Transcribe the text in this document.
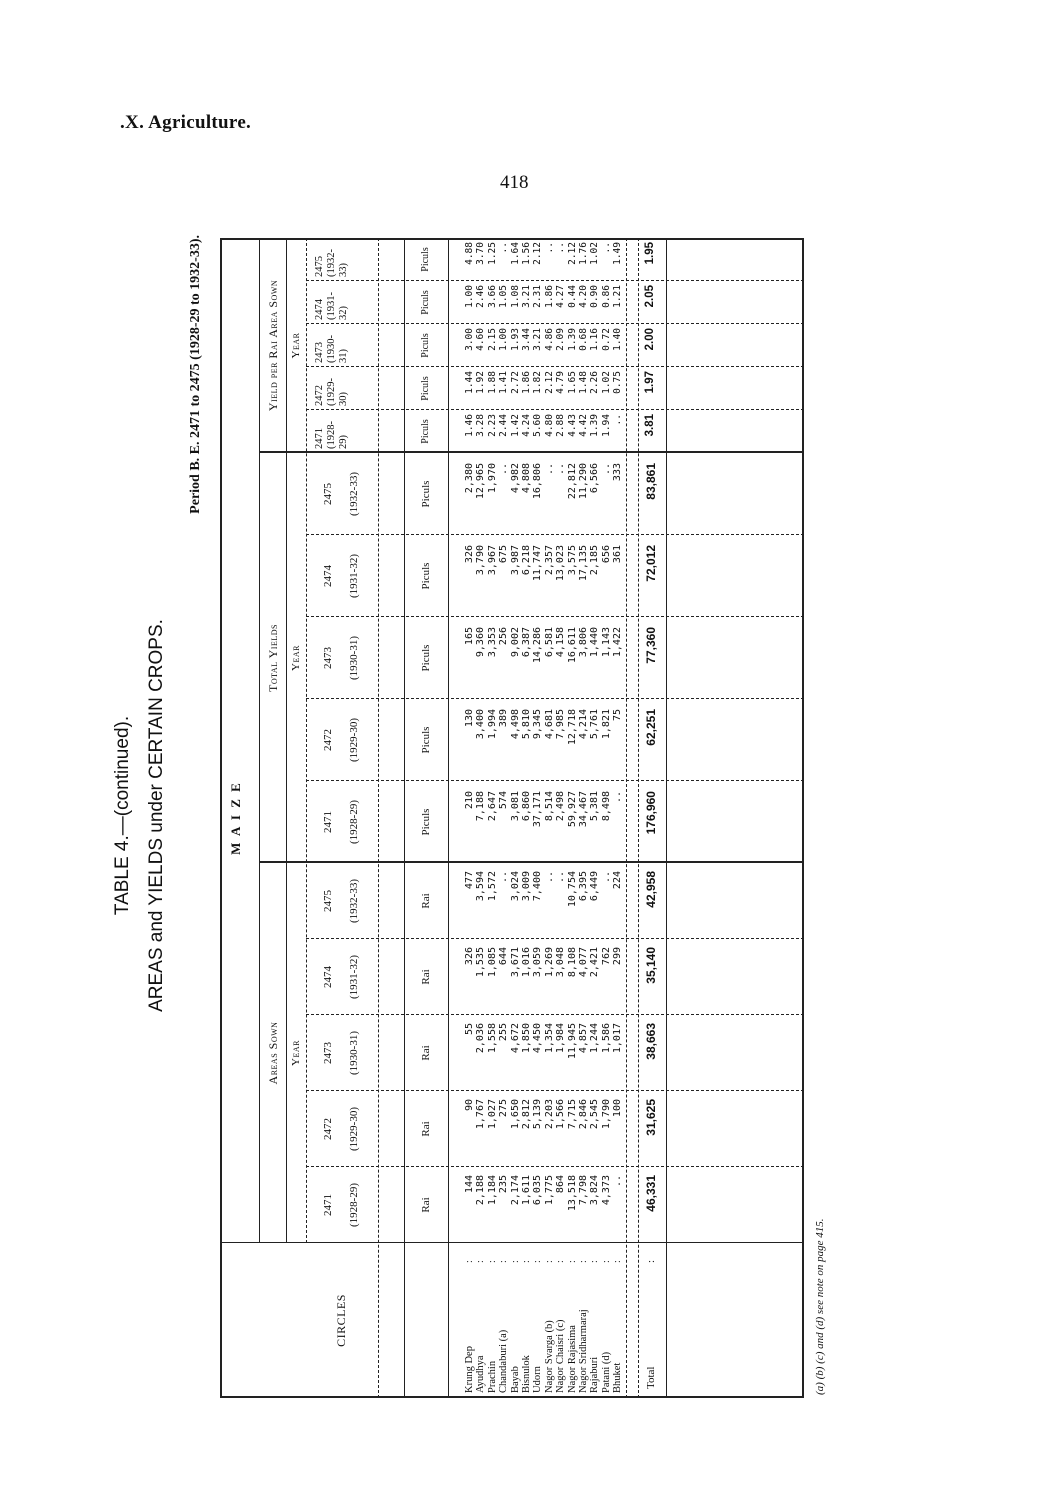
.X. Agriculture.
418
TABLE 4.—(continued). AREAS and YIELDS under CERTAIN CROPS.
Period B. E. 2471 to 2475 (1928-29 to 1932-33).
M A I Z E
CIRCLES
Areas Sown
Total Yields
Yield per Rai Area Sown
Year
Year
Year
2471
2472
2473
2474
2475
(1928-29)
(1929-30)
(1930-31)
(1931-32)
(1932-33)
2471
2472
2473
2474
2475
(1928-29)
(1929-30)
(1930-31)
(1931-32)
(1932-33)
2471
(1928-
29)
2472
(1929-
30)
2473
(1930-
31)
2474
(1931-
32)
2475
(1932-
33)
Rai
Rai
Rai
Rai
Rai
Piculs
Piculs
Piculs
Piculs
Piculs
Piculs
Piculs
Piculs
Piculs
Piculs
Krung Dep
Ayudhya
Prachin
Chandaburi (a)
Bayab
Bisnulok
Udorn
Nagor Svarga (b)
Nagor Chaisri (c)
Nagor Rajasima
Nagor Sridharmaraj
Rajaburi
Patani (d)
Bhuket
:
:
:
:
:
:
:
:
:
:
:
:
:
:
144
2,188
1,184
235
2,174
1,611
6,035
1,775
864
13,518
7,798
3,824
4,373
..
90
1,767
1,027
275
1,650
2,812
5,139
2,203
1,566
7,715
2,846
2,545
1,790
100
55
2,036
1,558
255
4,672
1,850
4,450
1,354
1,984
11,945
4,857
1,244
1,586
1,017
326
1,535
1,085
644
3,671
1,016
3,059
1,269
3,048
8,108
4,077
2,421
762
299
477
3,594
1,572
..
3,024
3,009
7,400
..
..
10,754
6,395
6,449
..
224
210
7,188
2,647
574
3,081
6,860
37,171
8,514
2,498
59,927
34,467
5,381
8,498
..
130
3,400
1,994
389
4,498
5,810
9,345
4,681
7,985
12,718
4,214
5,761
1,821
75
165
9,360
3,353
256
9,002
6,387
14,286
6,581
4,158
16,611
3,806
1,440
1,143
1,422
326
3,790
3,967
675
3,987
6,218
11,747
2,357
13,023
3,575
17,135
2,185
656
361
2,380
12,965
1,970
..
4,982
4,808
16,806
..
..
22,812
11,290
6,566
..
333
1.46
3.28
2.23
2.44
1.42
4.24
5.60
4.80
2.88
4.43
4.42
1.39
1.94
..
1.44
1.92
1.88
1.41
2.72
1.86
1.82
2.12
4.79
1.65
1.48
2.26
1.02
0.75
3.00
4.60
2.15
1.00
1.93
3.44
3.21
4.86
2.09
1.39
0.68
1.16
0.72
1.40
1.00
2.46
3.66
1.05
1.08
3.21
2.31
1.86
4.27
0.44
4.20
0.90
0.86
1.21
4.88
3.70
1.25
..
1.64
1.56
2.12
..
..
2.12
1.76
1.02
..
1.49
Total
:
46,331
31,625
38,663
35,140
42,958
176,960
62,251
77,360
72,012
83,861
3.81
1.97
2.00
2.05
1.95
(a) (b) (c) and (d) see note on page 415.
